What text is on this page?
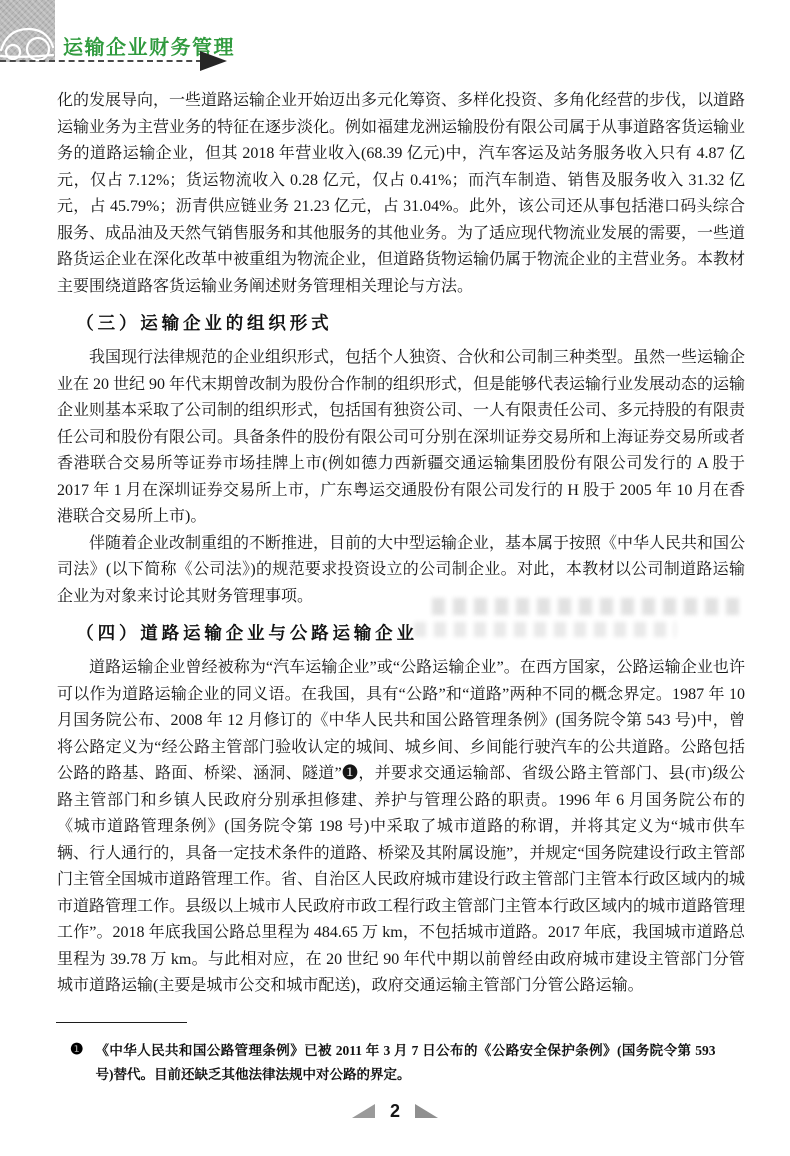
运输企业财务管理

化的发展导向，一些道路运输企业开始迈出多元化筹资、多样化投资、多角化经营的步伐，以道路运输业务为主营业务的特征在逐步淡化。例如福建龙洲运输股份有限公司属于从事道路客货运输业务的道路运输企业，但其 2018 年营业收入(68.39 亿元)中，汽车客运及站务服务收入只有 4.87 亿元，仅占 7.12%；货运物流收入 0.28 亿元，仅占 0.41%；而汽车制造、销售及服务收入 31.32 亿元，占 45.79%；沥青供应链业务 21.23 亿元，占 31.04%。此外，该公司还从事包括港口码头综合服务、成品油及天然气销售服务和其他服务的其他业务。为了适应现代物流业发展的需要，一些道路货运企业在深化改革中被重组为物流企业，但道路货物运输仍属于物流企业的主营业务。本教材主要围绕道路客货运输业务阐述财务管理相关理论与方法。

（三）运输企业的组织形式

我国现行法律规范的企业组织形式，包括个人独资、合伙和公司制三种类型。虽然一些运输企业在 20 世纪 90 年代末期曾改制为股份合作制的组织形式，但是能够代表运输行业发展动态的运输企业则基本采取了公司制的组织形式，包括国有独资公司、一人有限责任公司、多元持股的有限责任公司和股份有限公司。具备条件的股份有限公司可分别在深圳证券交易所和上海证券交易所或者香港联合交易所等证券市场挂牌上市(例如德力西新疆交通运输集团股份有限公司发行的 A 股于 2017 年 1 月在深圳证券交易所上市，广东粤运交通股份有限公司发行的 H 股于 2005 年 10 月在香港联合交易所上市)。

伴随着企业改制重组的不断推进，目前的大中型运输企业，基本属于按照《中华人民共和国公司法》(以下简称《公司法》)的规范要求投资设立的公司制企业。对此，本教材以公司制道路运输企业为对象来讨论其财务管理事项。

（四）道路运输企业与公路运输企业

道路运输企业曾经被称为“汽车运输企业”或“公路运输企业”。在西方国家，公路运输企业也许可以作为道路运输企业的同义语。在我国，具有“公路”和“道路”两种不同的概念界定。1987 年 10 月国务院公布、2008 年 12 月修订的《中华人民共和国公路管理条例》(国务院令第 543 号)中，曾将公路定义为“经公路主管部门验收认定的城间、城乡间、乡间能行驶汽车的公共道路。公路包括公路的路基、路面、桥梁、涵洞、隧道”❶，并要求交通运输部、省级公路主管部门、县(市)级公路主管部门和乡镇人民政府分别承担修建、养护与管理公路的职责。1996 年 6 月国务院公布的《城市道路管理条例》(国务院令第 198 号)中采取了城市道路的称谓，并将其定义为“城市供车辆、行人通行的，具备一定技术条件的道路、桥梁及其附属设施”，并规定“国务院建设行政主管部门主管全国城市道路管理工作。省、自治区人民政府城市建设行政主管部门主管本行政区域内的城市道路管理工作。县级以上城市人民政府市政工程行政主管部门主管本行政区域内的城市道路管理工作”。2018 年底我国公路总里程为 484.65 万 km，不包括城市道路。2017 年底，我国城市道路总里程为 39.78 万 km。与此相对应，在 20 世纪 90 年代中期以前曾经由政府城市建设主管部门分管城市道路运输(主要是城市公交和城市配送)，政府交通运输主管部门分管公路运输。

❶ 《中华人民共和国公路管理条例》已被 2011 年 3 月 7 日公布的《公路安全保护条例》(国务院令第 593 号)替代。目前还缺乏其他法律法规中对公路的界定。

2
